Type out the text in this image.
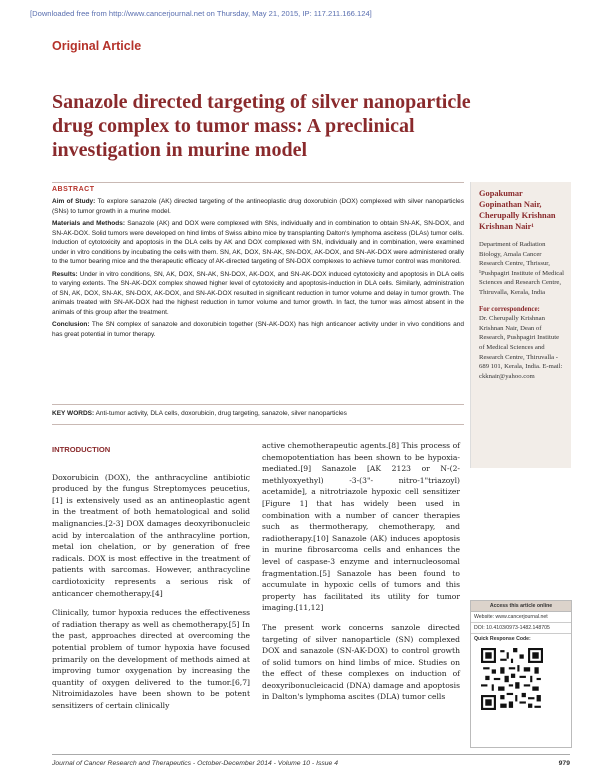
[Downloaded free from http://www.cancerjournal.net on Thursday, May 21, 2015, IP: 117.211.166.124]
Original Article
Sanazole directed targeting of silver nanoparticle drug complex to tumor mass: A preclinical investigation in murine model
ABSTRACT

Aim of Study: To explore sanazole (AK) directed targeting of the antineoplastic drug doxorubicin (DOX) complexed with silver nanoparticles (SNs) to tumor growth in a murine model.

Materials and Methods: Sanazole (AK) and DOX were complexed with SNs, individually and in combination to obtain SN-AK, SN-DOX, and SN-AK-DOX. Solid tumors were developed on hind limbs of Swiss albino mice by transplanting Dalton's lymphoma ascitess (DLAs) tumor cells. Induction of cytotoxicity and apoptosis in the DLA cells by AK and DOX complexed with SN, individually and in combination, were examined under in vitro conditions by incubating the cells with them. SN, AK, DOX, SN-AK, SN-DOX, AK-DOX, and SN-AK-DOX were administered orally to the tumor bearing mice and the therapeutic efficacy of AK-directed targeting of SN-DOX complexes to achieve tumor control was monitored.

Results: Under in vitro conditions, SN, AK, DOX, SN-AK, SN-DOX, AK-DOX, and SN-AK-DOX induced cytotoxicity and apoptosis in DLA cells to varying extents. The SN-AK-DOX complex showed higher level of cytotoxicity and apoptosis-induction in DLA cells. Similarly, administration of SN, AK, DOX, SN-AK, SN-DOX, AK-DOX, and SN-AK-DOX resulted in significant reduction in tumor volume and delay in tumor growth. The animals treated with SN-AK-DOX had the highest reduction in tumor volume and tumor growth. In fact, the tumor was almost absent in the animals of this group after the treatment.

Conclusion: The SN complex of sanazole and doxorubicin together (SN-AK-DOX) has high anticancer activity under in vivo conditions and has great potential in tumor therapy.

KEY WORDS: Anti-tumor activity, DLA cells, doxorubicin, drug targeting, sanazole, silver nanoparticles
Gopakumar Gopinathan Nair, Cherupally Krishnan Krishnan Nair¹
Department of Radiation Biology, Amala Cancer Research Centre, Thrissur, ¹Pushpagiri Institute of Medical Sciences and Research Centre, Thiruvalla, Kerala, India
For correspondence:
Dr. Cherupally Krishnan Krishnan Nair, Dean of Research, Pushpagiri Institute of Medical Sciences and Research Centre, Thiruvalla - 689 101, Kerala, India. E-mail: ckknair@yahoo.com

INTRODUCTION

Doxorubicin (DOX), the anthracycline antibiotic produced by the fungus Streptomyces peucetius,[1] is extensively used as an antineoplastic agent in the treatment of both hematological and solid malignancies.[2-3] DOX damages deoxyribonucleic acid by intercalation of the anthracyline portion, metal ion chelation, or by generation of free radicals. DOX is most effective in the treatment of patients with sarcomas. However, anthracycline cardiotoxicity represents a serious risk of anticancer chemotherapy.[4]

Clinically, tumor hypoxia reduces the effectiveness of radiation therapy as well as chemotherapy.[5] In the past, approaches directed at overcoming the potential problem of tumor hypoxia have focused primarily on the development of methods aimed at improving tumor oxygenation by increasing the quantity of oxygen delivered to the tumor.[6,7] Nitroimidazoles have been shown to be potent sensitizers of certain clinically

active chemotherapeutic agents.[8] This process of chemopotentiation has been shown to be hypoxia-mediated.[9] Sanazole [AK 2123 or N-(2-methlyoxyethyl) -3-(3"- nitro-1"triazoyl) acetamide], a nitrotriazole hypoxic cell sensitizer [Figure 1] that has widely been used in combination with a number of cancer therapies such as thermotherapy, chemotherapy, and radiotherapy.[10] Sanazole (AK) induces apoptosis in murine fibrosarcoma cells and enhances the level of caspase-3 enzyme and internucleosomal fragmentation.[5] Sanazole has been found to accumulate in hypoxic cells of tumors and this property has facilitated its utility for tumor imaging.[11,12]

The present work concerns sanzole directed targeting of silver nanoparticle (SN) complexed DOX and sanazole (SN-AK-DOX) to control growth of solid tumors on hind limbs of mice. Studies on the effect of these complexes on induction of deoxyribonucleicacid (DNA) damage and apoptosis in Dalton's lymphoma ascites (DLA) tumor cells

Access this article online
Website: www.cancerjournal.net
DOI: 10.4103/0973-1482.148705
Quick Response Code:
Journal of Cancer Research and Therapeutics - October-December 2014 - Volume 10 - Issue 4	979
